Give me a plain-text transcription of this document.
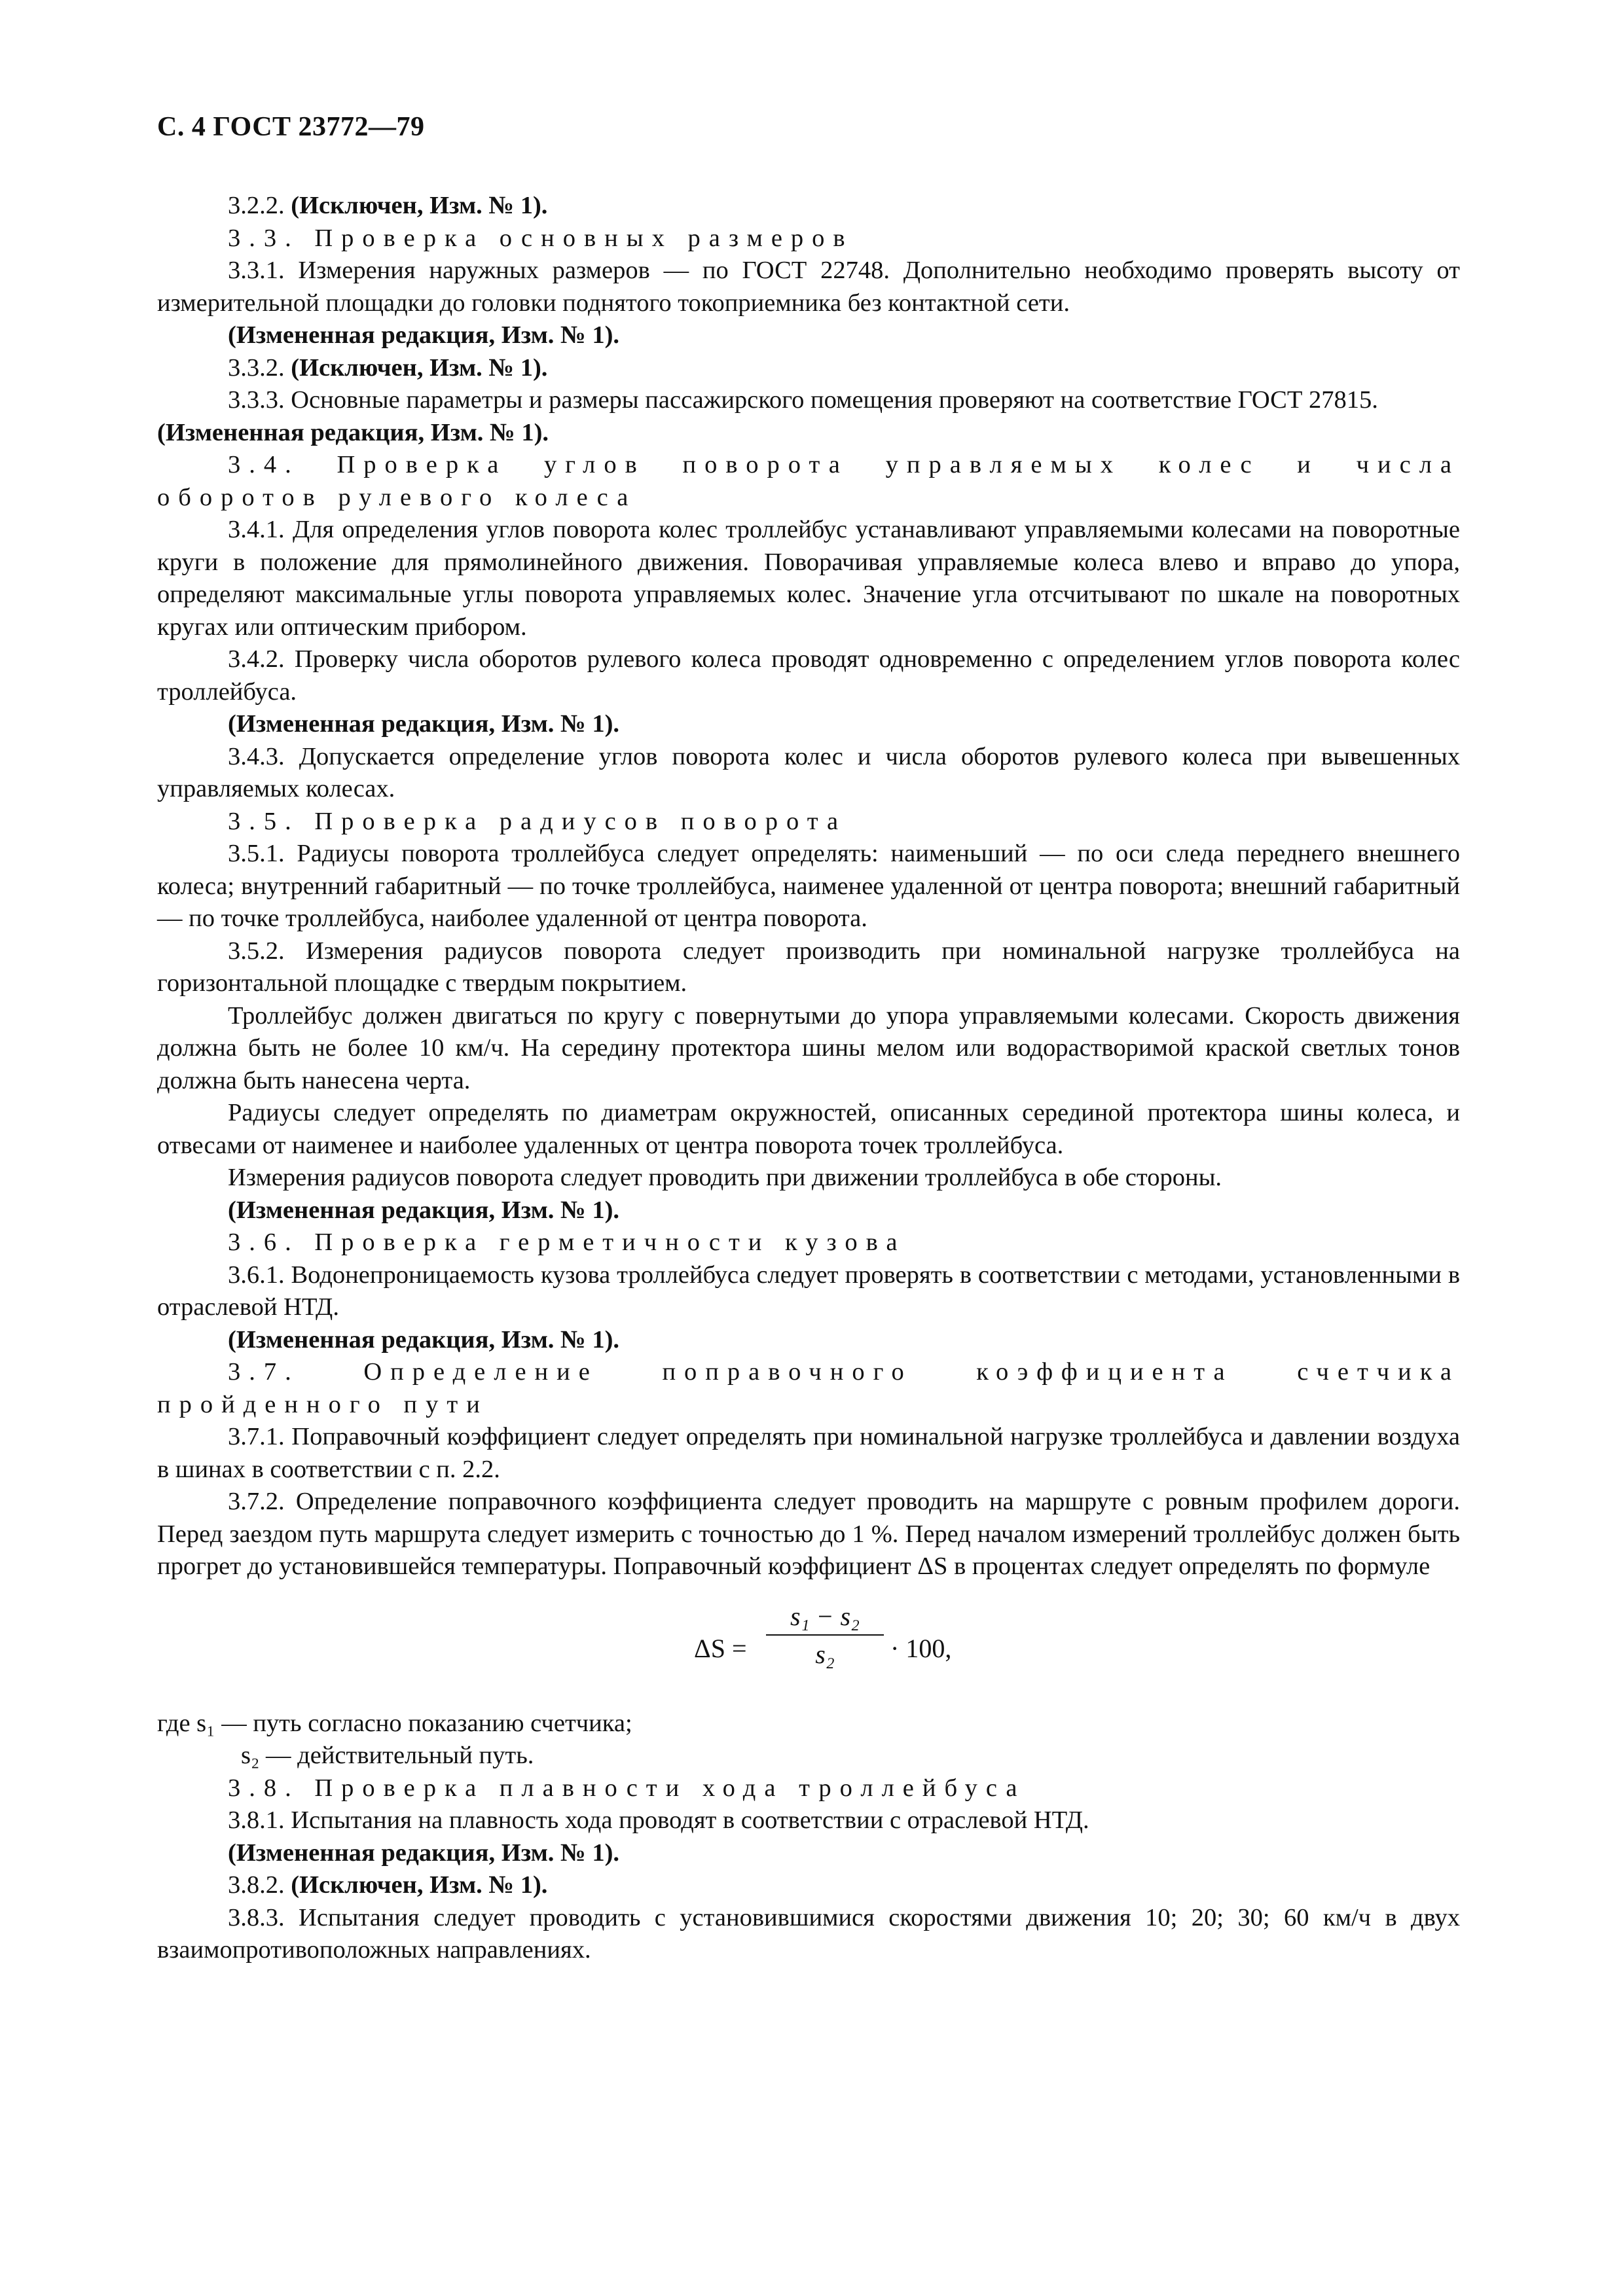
С. 4 ГОСТ 23772—79

3.2.2. (Исключен, Изм. № 1).

3.3. Проверка основных размеров

3.3.1. Измерения наружных размеров — по ГОСТ 22748. Дополнительно необходимо проверять высоту от измерительной площадки до головки поднятого токоприемника без контактной сети.

(Измененная редакция, Изм. № 1).

3.3.2. (Исключен, Изм. № 1).

3.3.3. Основные параметры и размеры пассажирского помещения проверяют на соответствие ГОСТ 27815.

(Измененная редакция, Изм. № 1).

3.4. Проверка углов поворота управляемых колес и числа оборотов рулевого колеса

3.4.1. Для определения углов поворота колес троллейбус устанавливают управляемыми колесами на поворотные круги в положение для прямолинейного движения. Поворачивая управляемые колеса влево и вправо до упора, определяют максимальные углы поворота управляемых колес. Значение угла отсчитывают по шкале на поворотных кругах или оптическим прибором.

3.4.2. Проверку числа оборотов рулевого колеса проводят одновременно с определением углов поворота колес троллейбуса.

(Измененная редакция, Изм. № 1).

3.4.3. Допускается определение углов поворота колес и числа оборотов рулевого колеса при вывешенных управляемых колесах.

3.5. Проверка радиусов поворота

3.5.1. Радиусы поворота троллейбуса следует определять: наименьший — по оси следа переднего внешнего колеса; внутренний габаритный — по точке троллейбуса, наименее удаленной от центра поворота; внешний габаритный — по точке троллейбуса, наиболее удаленной от центра поворота.

3.5.2. Измерения радиусов поворота следует производить при номинальной нагрузке троллейбуса на горизонтальной площадке с твердым покрытием.

Троллейбус должен двигаться по кругу с повернутыми до упора управляемыми колесами. Скорость движения должна быть не более 10 км/ч. На середину протектора шины мелом или водорастворимой краской светлых тонов должна быть нанесена черта.

Радиусы следует определять по диаметрам окружностей, описанных серединой протектора шины колеса, и отвесами от наименее и наиболее удаленных от центра поворота точек троллейбуса.

Измерения радиусов поворота следует проводить при движении троллейбуса в обе стороны.

(Измененная редакция, Изм. № 1).

3.6. Проверка герметичности кузова

3.6.1. Водонепроницаемость кузова троллейбуса следует проверять в соответствии с методами, установленными в отраслевой НТД.

(Измененная редакция, Изм. № 1).

3.7. Определение поправочного коэффициента счетчика пройденного пути

3.7.1. Поправочный коэффициент следует определять при номинальной нагрузке троллейбуса и давлении воздуха в шинах в соответствии с п. 2.2.

3.7.2. Определение поправочного коэффициента следует проводить на маршруте с ровным профилем дороги. Перед заездом путь маршрута следует измерить с точностью до 1 %. Перед началом измерений троллейбус должен быть прогрет до установившейся температуры. Поправочный коэффициент ΔS в процентах следует определять по формуле

ΔS =
s₁ − s₂
s₂	· 100,

где s₁ — путь согласно показанию счетчика;

s₂ — действительный путь.

3.8. Проверка плавности хода троллейбуса

3.8.1. Испытания на плавность хода проводят в соответствии с отраслевой НТД.

(Измененная редакция, Изм. № 1).

3.8.2. (Исключен, Изм. № 1).

3.8.3. Испытания следует проводить с установившимися скоростями движения 10; 20; 30; 60 км/ч в двух взаимопротивоположных направлениях.
